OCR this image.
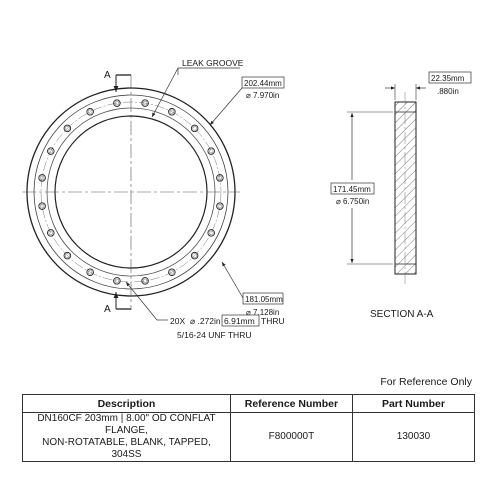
A
A
LEAK GROOVE
202.44mm
⌀ 7.970in
181.05mm
⌀ 7.128in
20X ⌀ .272in 6.91mm THRU
5/16-24 UNF THRU
22.35mm
.880in
171.45mm
⌀ 6.750in
SECTION A-A
For Reference Only
Description	Reference Number	Part Number

DN160CF 203mm | 8.00" OD CONFLAT FLANGE,
NON-ROTATABLE, BLANK, TAPPED, 304SS	F800000T	130030
